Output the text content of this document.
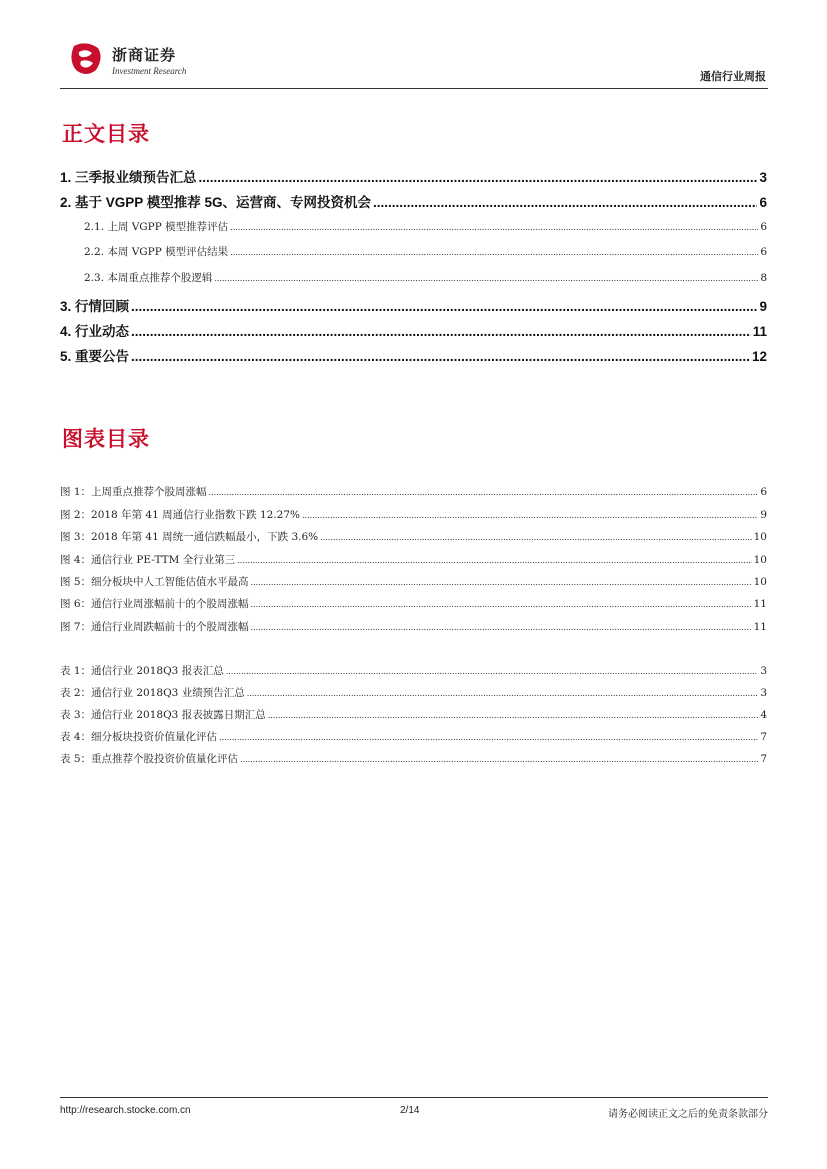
浙商证券
Investment Research	通信行业周报
正文目录
1. 三季报业绩预告汇总 .....	3
2. 基于 VGPP 模型推荐 5G、运营商、专网投资机会 .....	6
2.1. 上周 VGPP 模型推荐评估 .....	6
2.2. 本周 VGPP 模型评估结果 .....	6
2.3. 本周重点推荐个股逻辑 .....	8
3. 行情回顾 .....	9
4. 行业动态 .....	11
5. 重要公告 .....	12
图表目录
图 1：上周重点推荐个股周涨幅 .....	6
图 2：2018 年第 41 周通信行业指数下跌 12.27% .....	9
图 3：2018 年第 41 周统一通信跌幅最小，下跌 3.6% .....	10
图 4：通信行业 PE-TTM 全行业第三 .....	10
图 5：细分板块中人工智能估值水平最高 .....	10
图 6：通信行业周涨幅前十的个股周涨幅 .....	11
图 7：通信行业周跌幅前十的个股周涨幅 .....	11
表 1：通信行业 2018Q3 报表汇总 .....	3
表 2：通信行业 2018Q3 业绩预告汇总 .....	3
表 3：通信行业 2018Q3 报表披露日期汇总 .....	4
表 4：细分板块投资价值量化评估 .....	7
表 5：重点推荐个股投资价值量化评估 .....	7
http://research.stocke.com.cn	2/14	请务必阅读正文之后的免责条款部分
